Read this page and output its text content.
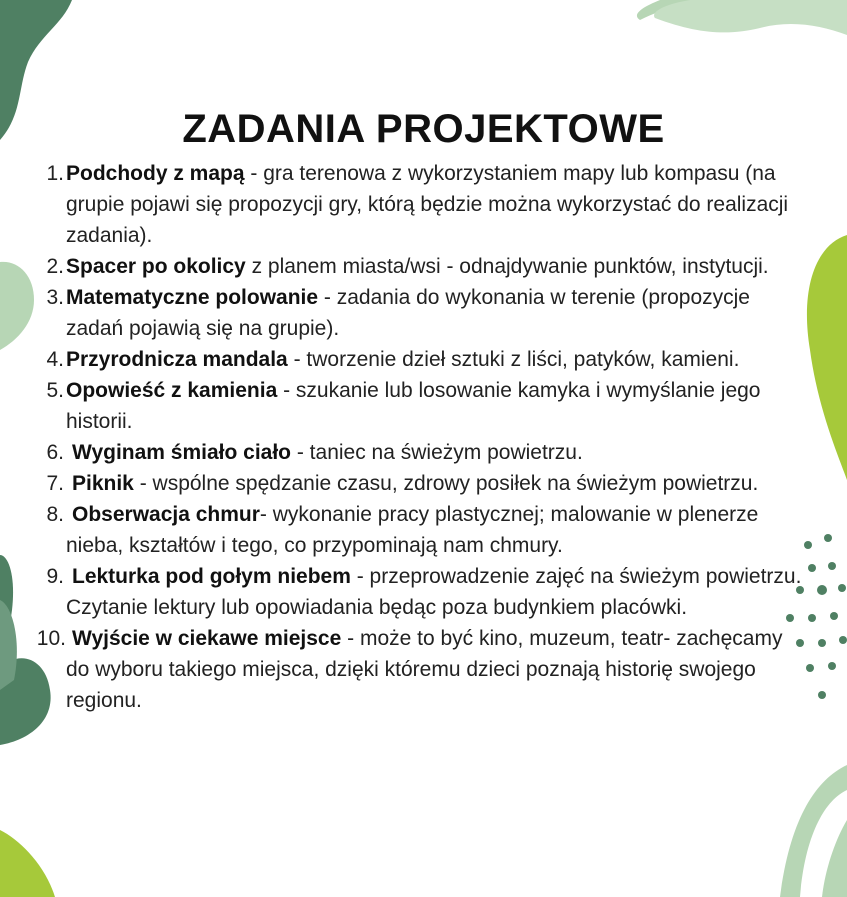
ZADANIA PROJEKTOWE
1. Podchody z mapą - gra terenowa z wykorzystaniem mapy lub kompasu (na grupie pojawi się propozycji gry, którą będzie można wykorzystać do realizacji zadania).
2. Spacer po okolicy z planem miasta/wsi - odnajdywanie punktów, instytucji.
3. Matematyczne polowanie - zadania do wykonania w terenie (propozycje zadań pojawią się na grupie).
4. Przyrodnicza mandala - tworzenie dzieł sztuki z liści, patyków, kamieni.
5. Opowieść z kamienia - szukanie lub losowanie kamyka i wymyślanie jego historii.
6. Wyginam śmiało ciało - taniec na świeżym powietrzu.
7. Piknik - wspólne spędzanie czasu, zdrowy posiłek na świeżym powietrzu.
8. Obserwacja chmur- wykonanie pracy plastycznej; malowanie w plenerze nieba, kształtów i tego, co przypominają nam chmury.
9. Lekturka pod gołym niebem - przeprowadzenie zajęć na świeżym powietrzu. Czytanie lektury lub opowiadania będąc poza budynkiem placówki.
10. Wyjście w ciekawe miejsce - może to być kino, muzeum, teatr- zachęcamy do wyboru takiego miejsca, dzięki któremu dzieci poznają historię swojego regionu.
